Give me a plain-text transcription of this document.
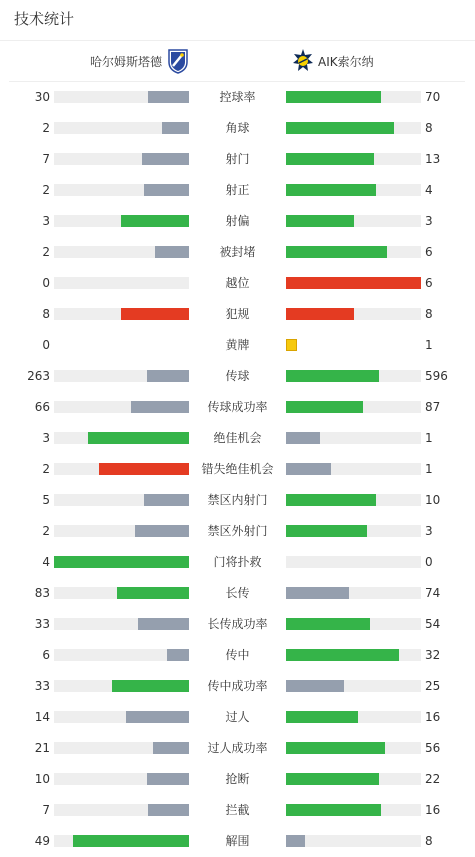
技术统计
哈尔姆斯塔德	AIK索尔纳
30	控球率	70
2	角球	8
7	射门	13
2	射正	4
3	射偏	3
2	被封堵	6
0	越位	6
8	犯规	8
0	黄牌	1
263	传球	596
66	传球成功率	87
3	绝佳机会	1
2	错失绝佳机会	1
5	禁区内射门	10
2	禁区外射门	3
4	门将扑救	0
83	长传	74
33	长传成功率	54
6	传中	32
33	传中成功率	25
14	过人	16
21	过人成功率	56
10	抢断	22
7	拦截	16
49	解围	8
